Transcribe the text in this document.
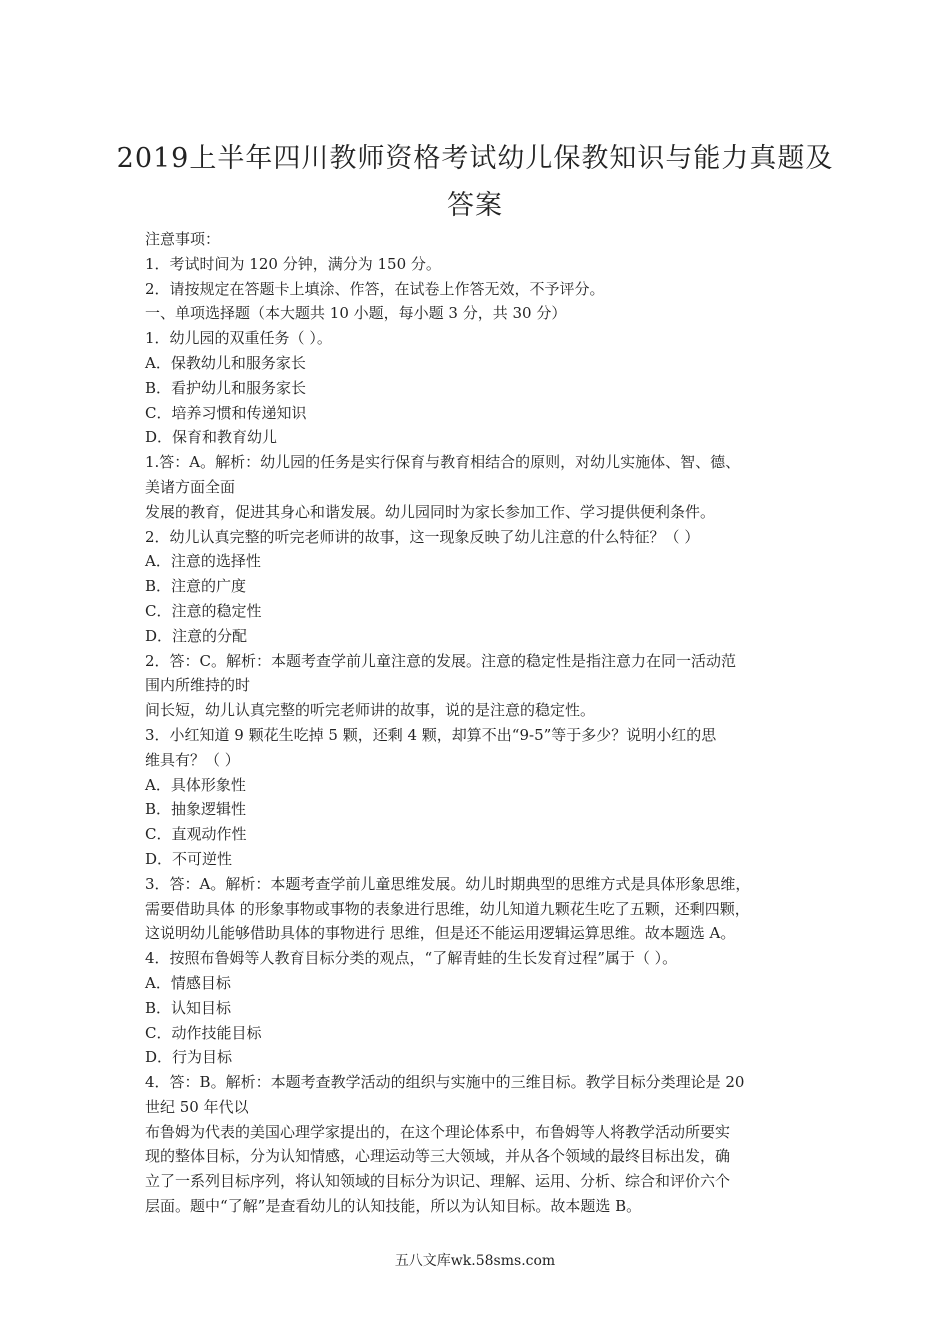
2019上半年四川教师资格考试幼儿保教知识与能力真题及
答案
注意事项：
1．考试时间为 120 分钟，满分为 150 分。
2．请按规定在答题卡上填涂、作答，在试卷上作答无效，不予评分。
一、单项选择题（本大题共 10 小题，每小题 3 分，共 30 分）
1．幼儿园的双重任务（ ）。
A．保教幼儿和服务家长
B．看护幼儿和服务家长
C．培养习惯和传递知识
D．保育和教育幼儿
1.答：A。解析：幼儿园的任务是实行保育与教育相结合的原则，对幼儿实施体、智、德、
美诸方面全面
发展的教育，促进其身心和谐发展。幼儿园同时为家长参加工作、学习提供便利条件。
2．幼儿认真完整的听完老师讲的故事，这一现象反映了幼儿注意的什么特征？（ ）
A．注意的选择性
B．注意的广度
C．注意的稳定性
D．注意的分配
2．答：C。解析：本题考查学前儿童注意的发展。注意的稳定性是指注意力在同一活动范
围内所维持的时
间长短，幼儿认真完整的听完老师讲的故事，说的是注意的稳定性。
3．小红知道 9 颗花生吃掉 5 颗，还剩 4 颗，却算不出“9-5”等于多少？说明小红的思
维具有？（ ）
A．具体形象性
B．抽象逻辑性
C．直观动作性
D．不可逆性
3．答：A。解析：本题考查学前儿童思维发展。幼儿时期典型的思维方式是具体形象思维，
需要借助具体 的形象事物或事物的表象进行思维，幼儿知道九颗花生吃了五颗，还剩四颗，
这说明幼儿能够借助具体的事物进行 思维，但是还不能运用逻辑运算思维。故本题选 A。
4．按照布鲁姆等人教育目标分类的观点，“了解青蛙的生长发育过程”属于（ ）。
A．情感目标
B．认知目标
C．动作技能目标
D．行为目标
4．答：B。解析：本题考查教学活动的组织与实施中的三维目标。教学目标分类理论是 20
世纪 50 年代以
布鲁姆为代表的美国心理学家提出的，在这个理论体系中，布鲁姆等人将教学活动所要实
现的整体目标，分为认知情感，心理运动等三大领域，并从各个领域的最终目标出发，确
立了一系列目标序列，将认知领域的目标分为识记、理解、运用、分析、综合和评价六个
层面。题中“了解”是查看幼儿的认知技能，所以为认知目标。故本题选 B。
五八文库wk.58sms.com
